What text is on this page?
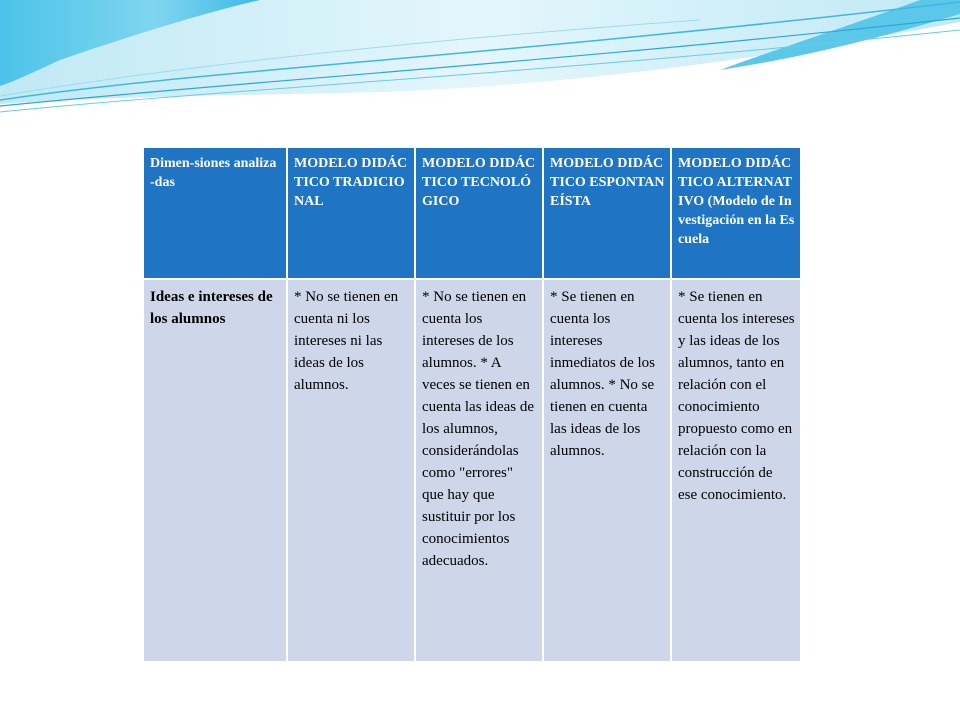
Dimen-siones analiza-das	MODELO DIDÁCTICO TRADICIONAL	MODELO DIDÁCTICO TECNOLÓGICO	MODELO DIDÁCTICO ESPONTANEÍSTA	MODELO DIDÁCTICO ALTERNATIVO (Modelo de Investigación en la Escuela
Ideas e intereses de los alumnos	* No se tienen en cuenta ni los intereses ni las ideas de los alumnos.	* No se tienen en cuenta los intereses de los alumnos. * A veces se tienen en cuenta las ideas de los alumnos, considerándolas como "errores" que hay que sustituir por los conocimientos adecuados.	* Se tienen en cuenta los intereses inmediatos de los alumnos. * No se tienen en cuenta las ideas de los alumnos.	* Se tienen en cuenta los intereses y las ideas de los alumnos, tanto en relación con el conocimiento propuesto como en relación con la construcción de ese conocimiento.
